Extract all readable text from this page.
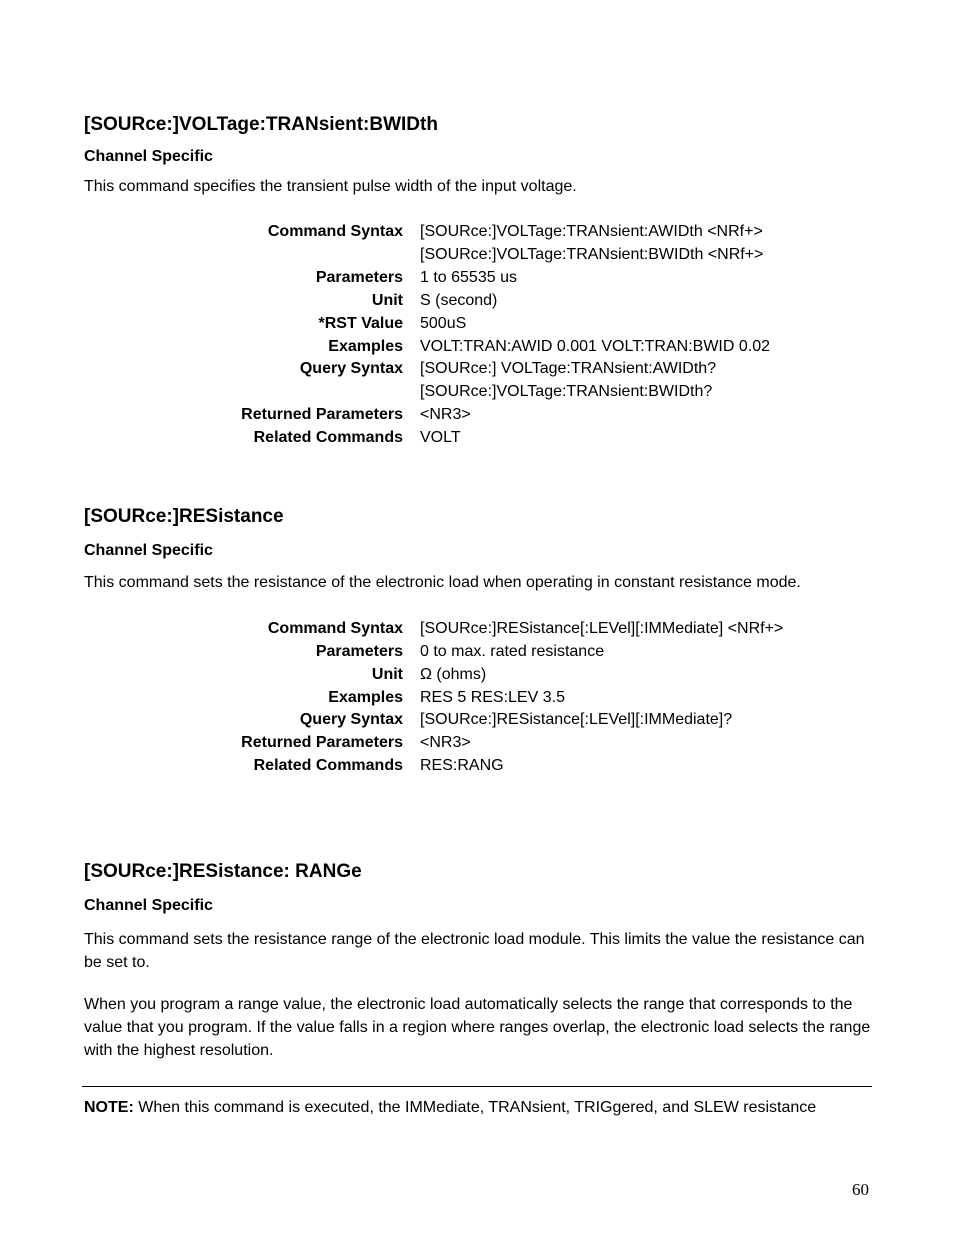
[SOURce:]VOLTage:TRANsient:BWIDth
Channel Specific
This command specifies the transient pulse width of the input voltage.
Command Syntax [SOURce:]VOLTage:TRANsient:AWIDth <NRf+>
[SOURce:]VOLTage:TRANsient:BWIDth <NRf+>
Parameters 1 to 65535 us
Unit S (second)
*RST Value 500uS
Examples VOLT:TRAN:AWID 0.001 VOLT:TRAN:BWID 0.02
Query Syntax [SOURce:] VOLTage:TRANsient:AWIDth?
[SOURce:]VOLTage:TRANsient:BWIDth?
Returned Parameters <NR3>
Related Commands VOLT
[SOURce:]RESistance
Channel Specific
This command sets the resistance of the electronic load when operating in constant resistance mode.
Command Syntax [SOURce:]RESistance[:LEVel][:IMMediate] <NRf+>
Parameters 0 to max. rated resistance
Unit Ω (ohms)
Examples RES 5 RES:LEV 3.5
Query Syntax [SOURce:]RESistance[:LEVel][:IMMediate]?
Returned Parameters <NR3>
Related Commands RES:RANG
[SOURce:]RESistance: RANGe
Channel Specific
This command sets the resistance range of the electronic load module. This limits the value the resistance can be set to.
When you program a range value, the electronic load automatically selects the range that corresponds to the value that you program. If the value falls in a region where ranges overlap, the electronic load selects the range with the highest resolution.
NOTE: When this command is executed, the IMMediate, TRANsient, TRIGgered, and SLEW resistance
60
